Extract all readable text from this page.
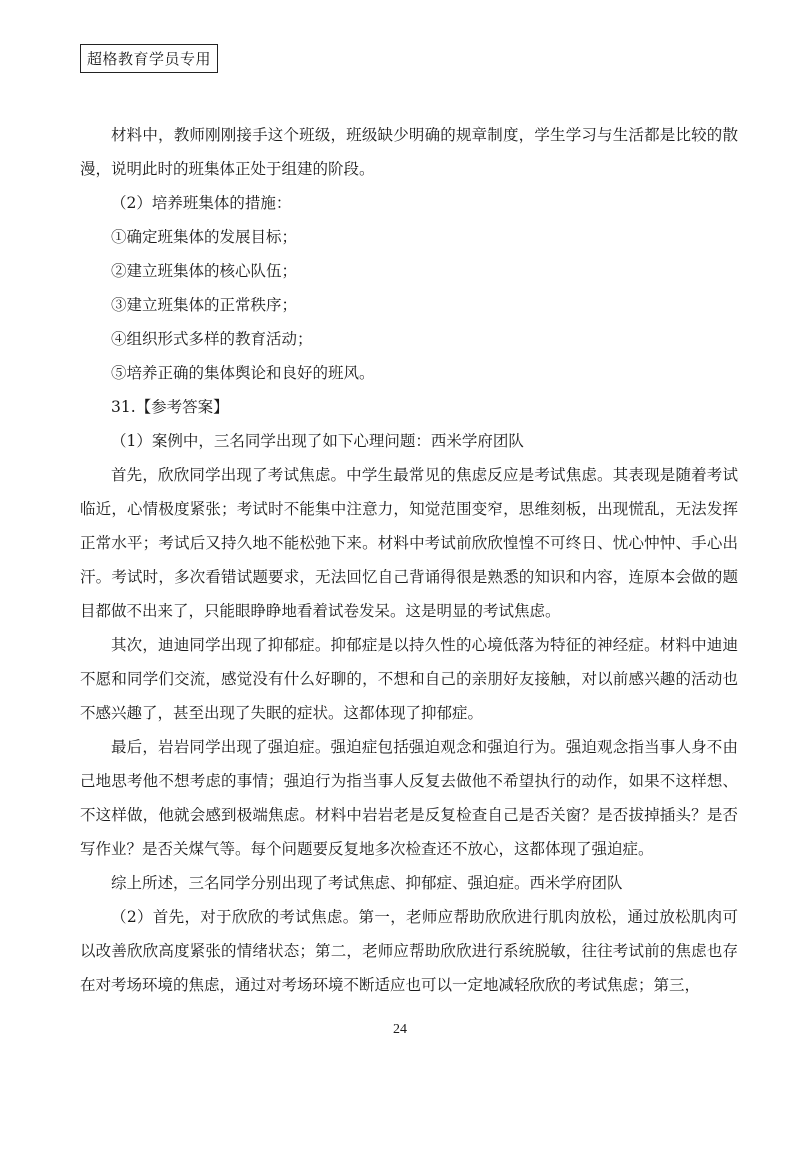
超格教育学员专用

材料中，教师刚刚接手这个班级，班级缺少明确的规章制度，学生学习与生活都是比较的散漫，说明此时的班集体正处于组建的阶段。

（2）培养班集体的措施：

①确定班集体的发展目标；

②建立班集体的核心队伍；

③建立班集体的正常秩序；

④组织形式多样的教育活动；

⑤培养正确的集体舆论和良好的班风。

31.【参考答案】

（1）案例中，三名同学出现了如下心理问题：西米学府团队

首先，欣欣同学出现了考试焦虑。中学生最常见的焦虑反应是考试焦虑。其表现是随着考试临近，心情极度紧张；考试时不能集中注意力，知觉范围变窄，思维刻板，出现慌乱，无法发挥正常水平；考试后又持久地不能松弛下来。材料中考试前欣欣惶惶不可终日、忧心忡忡、手心出汗。考试时，多次看错试题要求，无法回忆自己背诵得很是熟悉的知识和内容，连原本会做的题目都做不出来了，只能眼睁睁地看着试卷发呆。这是明显的考试焦虑。

其次，迪迪同学出现了抑郁症。抑郁症是以持久性的心境低落为特征的神经症。材料中迪迪不愿和同学们交流，感觉没有什么好聊的，不想和自己的亲朋好友接触，对以前感兴趣的活动也不感兴趣了，甚至出现了失眠的症状。这都体现了抑郁症。

最后，岩岩同学出现了强迫症。强迫症包括强迫观念和强迫行为。强迫观念指当事人身不由己地思考他不想考虑的事情；强迫行为指当事人反复去做他不希望执行的动作，如果不这样想、不这样做，他就会感到极端焦虑。材料中岩岩老是反复检查自己是否关窗？是否拔掉插头？是否写作业？是否关煤气等。每个问题要反复地多次检查还不放心，这都体现了强迫症。

综上所述，三名同学分别出现了考试焦虑、抑郁症、强迫症。西米学府团队

（2）首先，对于欣欣的考试焦虑。第一，老师应帮助欣欣进行肌肉放松，通过放松肌肉可以改善欣欣高度紧张的情绪状态；第二，老师应帮助欣欣进行系统脱敏，往往考试前的焦虑也存在对考场环境的焦虑，通过对考场环境不断适应也可以一定地减轻欣欣的考试焦虑；第三，

24
